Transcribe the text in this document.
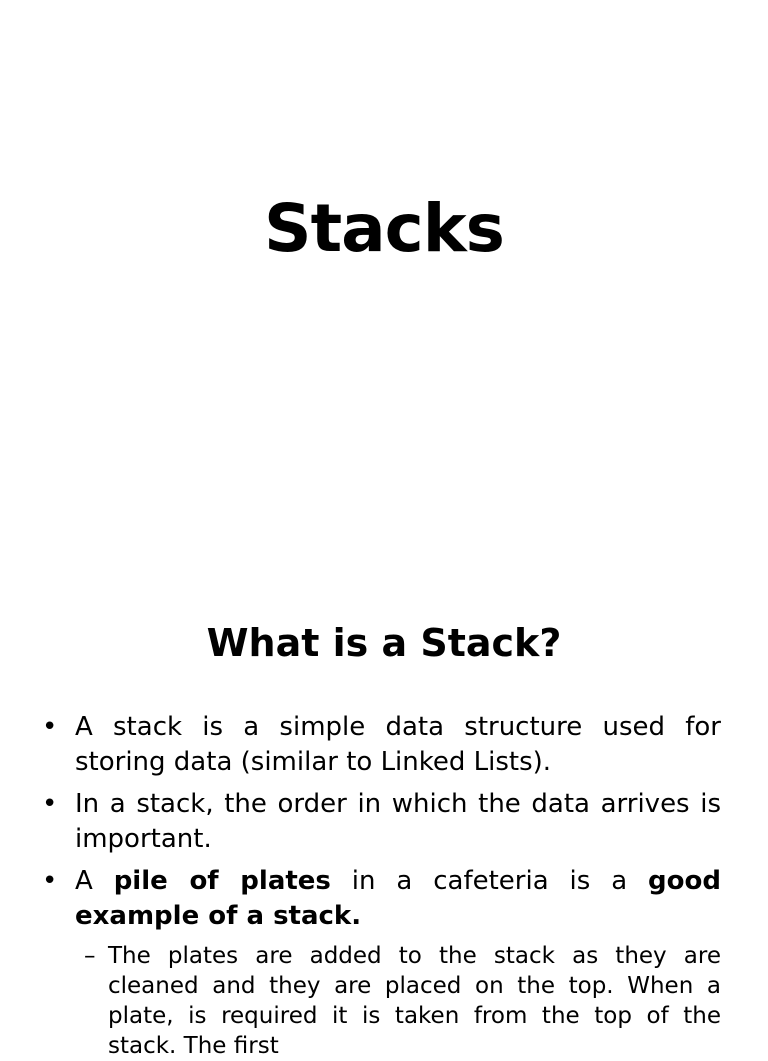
Stacks
What is a Stack?
• A stack is a simple data structure used for storing data (similar to Linked Lists).
• In a stack, the order in which the data arrives is important.
• A pile of plates in a cafeteria is a good example of a stack.
– The plates are added to the stack as they are cleaned and they are placed on the top. When a plate, is required it is taken from the top of the stack. The first
